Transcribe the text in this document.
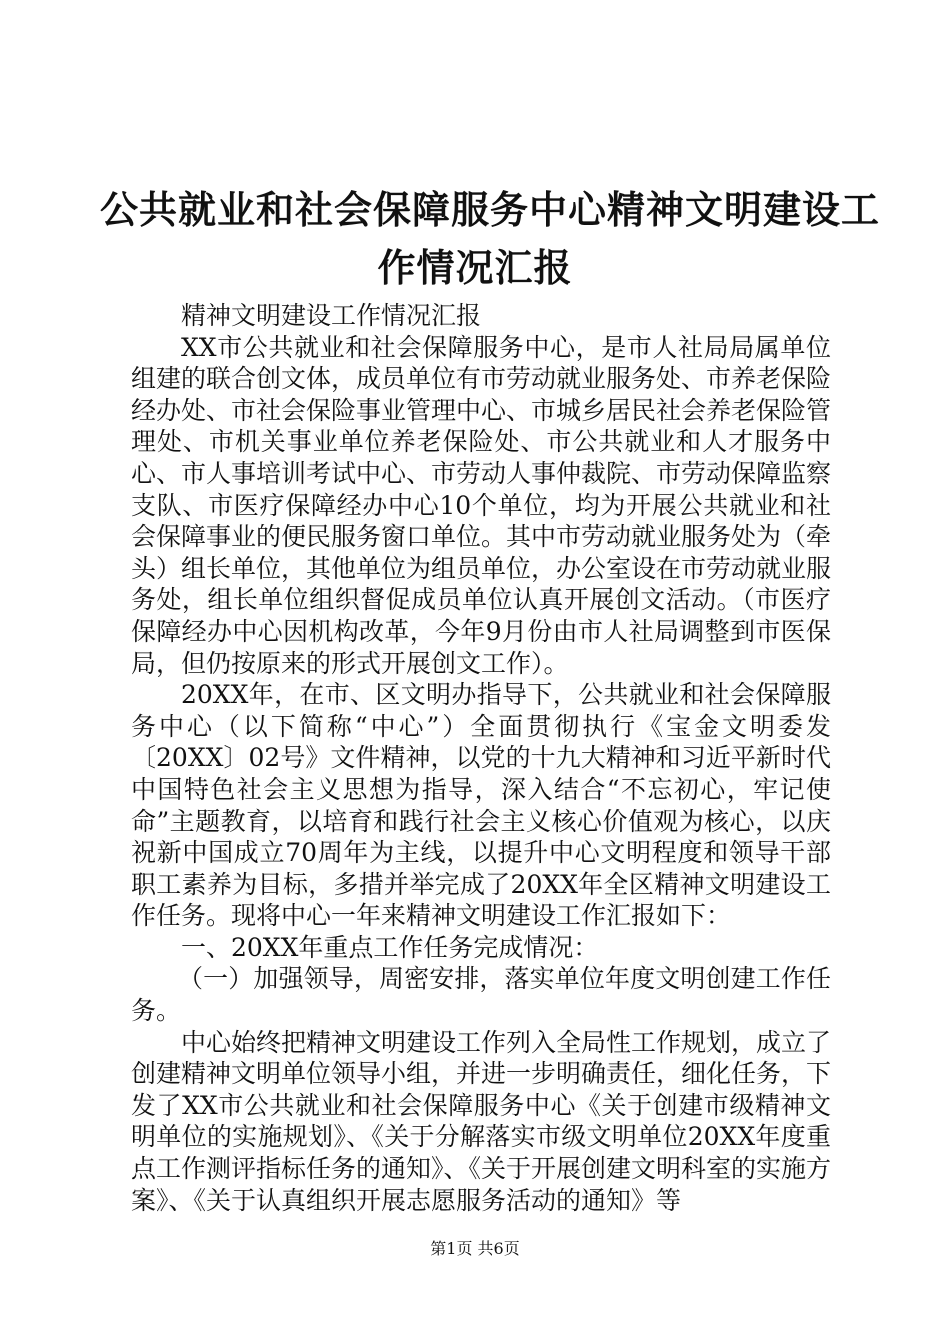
公共就业和社会保障服务中心精神文明建设工
作情况汇报

精神文明建设工作情况汇报

XX市公共就业和社会保障服务中心，是市人社局局属单位组建的联合创文体，成员单位有市劳动就业服务处、市养老保险经办处、市社会保险事业管理中心、市城乡居民社会养老保险管理处、市机关事业单位养老保险处、市公共就业和人才服务中心、市人事培训考试中心、市劳动人事仲裁院、市劳动保障监察支队、市医疗保障经办中心10个单位，均为开展公共就业和社会保障事业的便民服务窗口单位。其中市劳动就业服务处为（牵头）组长单位，其他单位为组员单位，办公室设在市劳动就业服务处，组长单位组织督促成员单位认真开展创文活动。（市医疗保障经办中心因机构改革，今年9月份由市人社局调整到市医保局，但仍按原来的形式开展创文工作）。

20XX年，在市、区文明办指导下，公共就业和社会保障服务中心（以下简称“中心”）全面贯彻执行《宝金文明委发〔20XX〕02号》文件精神，以党的十九大精神和习近平新时代中国特色社会主义思想为指导，深入结合“不忘初心，牢记使命”主题教育，以培育和践行社会主义核心价值观为核心，以庆祝新中国成立70周年为主线，以提升中心文明程度和领导干部职工素养为目标，多措并举完成了20XX年全区精神文明建设工作任务。现将中心一年来精神文明建设工作汇报如下：

一、20XX年重点工作任务完成情况：

（一）加强领导，周密安排，落实单位年度文明创建工作任务。

中心始终把精神文明建设工作列入全局性工作规划，成立了创建精神文明单位领导小组，并进一步明确责任，细化任务，下发了XX市公共就业和社会保障服务中心《关于创建市级精神文明单位的实施规划》、《关于分解落实市级文明单位20XX年度重点工作测评指标任务的通知》、《关于开展创建文明科室的实施方案》、《关于认真组织开展志愿服务活动的通知》等

第1页 共6页
